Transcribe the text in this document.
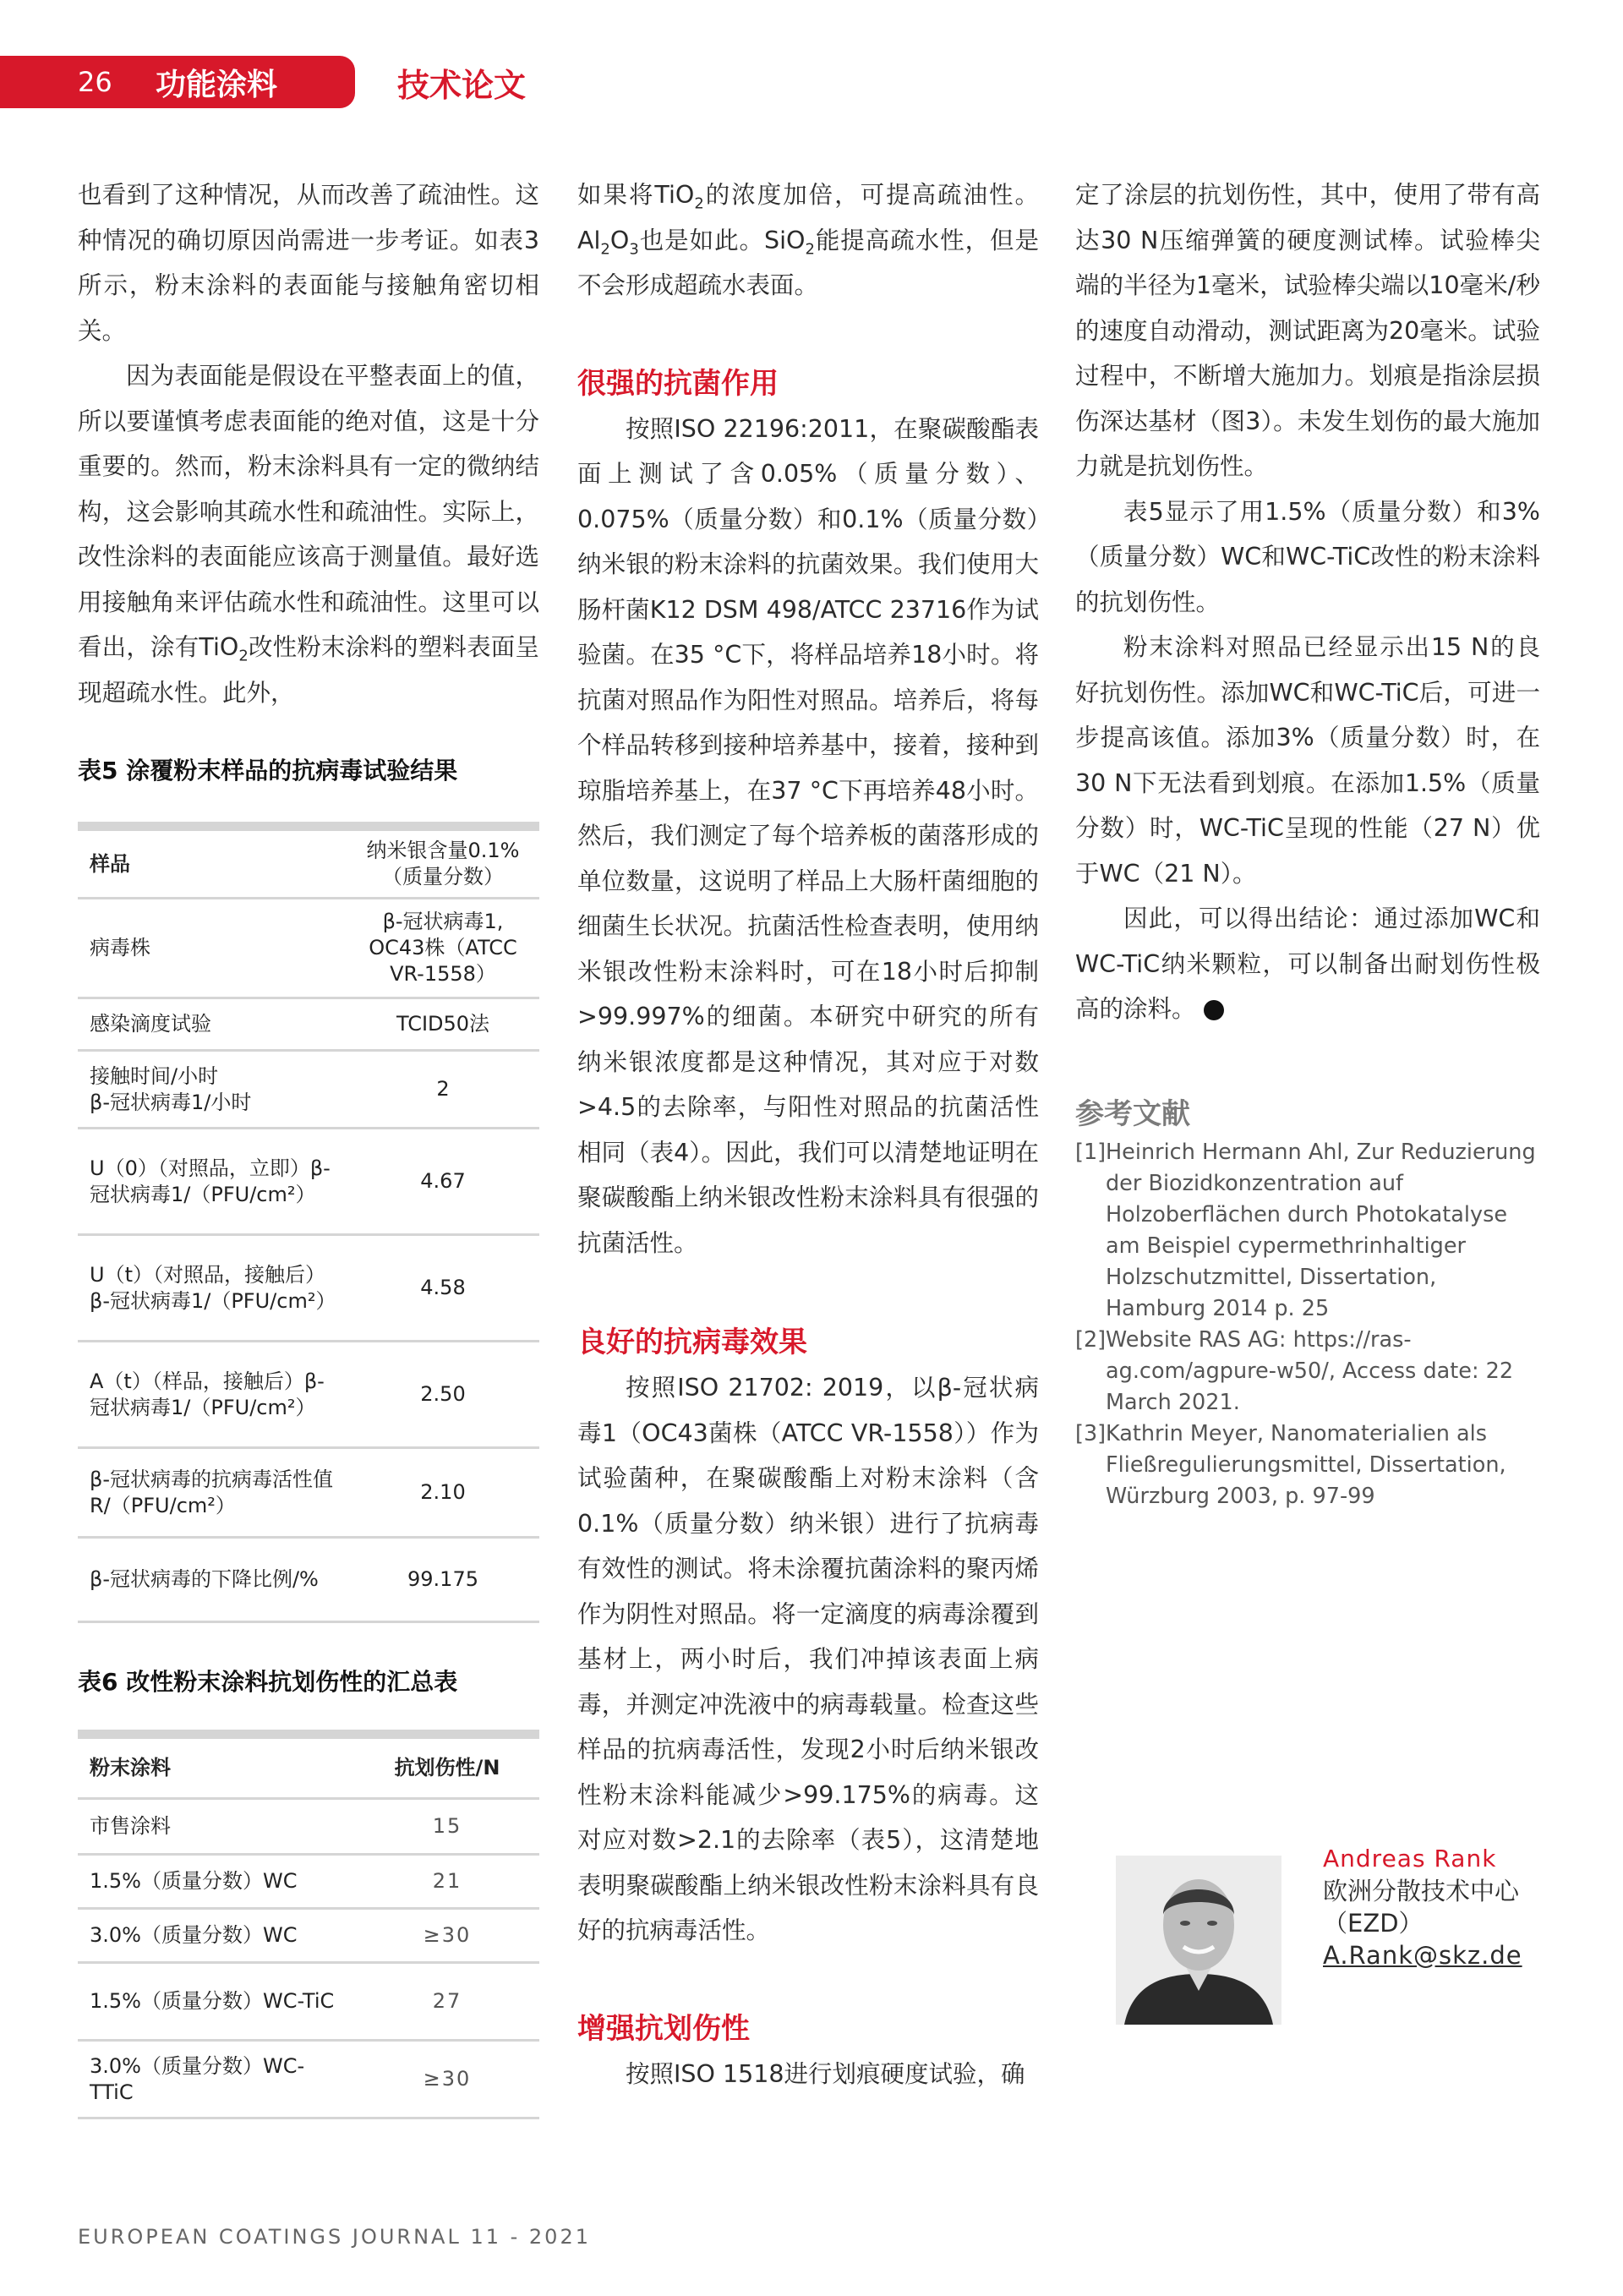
26	功能涂料	技术论文

也看到了这种情况，从而改善了疏油性。这种情况的确切原因尚需进一步考证。如表3所示，粉末涂料的表面能与接触角密切相关。

因为表面能是假设在平整表面上的值，所以要谨慎考虑表面能的绝对值，这是十分重要的。然而，粉末涂料具有一定的微纳结构，这会影响其疏水性和疏油性。实际上，改性涂料的表面能应该高于测量值。最好选用接触角来评估疏水性和疏油性。这里可以看出，涂有TiO$_2$改性粉末涂料的塑料表面呈现超疏水性。此外，

表5 涂覆粉末样品的抗病毒试验结果

样品	纳米银含量0.1%（质量分数）
病毒株	β-冠状病毒1, OC43株（ATCC VR-1558）
感染滴度试验	TCID50法
接触时间/小时
β-冠状病毒1/小时	2
U（0）（对照品，立即）β-冠状病毒1/（PFU/cm²）	4.67
U（t）（对照品，接触后）β-冠状病毒1/（PFU/cm²）	4.58
A（t）（样品，接触后）β-冠状病毒1/（PFU/cm²）	2.50
β-冠状病毒的抗病毒活性值R/（PFU/cm²）	2.10
β-冠状病毒的下降比例/%	99.175

表6 改性粉末涂料抗划伤性的汇总表

粉末涂料	抗划伤性/N
市售涂料	15
1.5%（质量分数）WC	21
3.0%（质量分数）WC	≥30
1.5%（质量分数）WC-TiC	27
3.0%（质量分数）WC-TTiC	≥30

如果将TiO$_2$的浓度加倍，可提高疏油性。$Al_2O_3$也是如此。SiO$_2$能提高疏水性，但是不会形成超疏水表面。

很强的抗菌作用

按照ISO 22196:2011，在聚碳酸酯表面上测试了含0.05%（质量分数）、0.075%（质量分数）和0.1%（质量分数）纳米银的粉末涂料的抗菌效果。我们使用大肠杆菌K12 DSM 498/ATCC 23716作为试验菌。在35 °C下，将样品培养18小时。将抗菌对照品作为阳性对照品。培养后，将每个样品转移到接种培养基中，接着，接种到琼脂培养基上，在37 °C下再培养48小时。然后，我们测定了每个培养板的菌落形成的单位数量，这说明了样品上大肠杆菌细胞的细菌生长状况。抗菌活性检查表明，使用纳米银改性粉末涂料时，可在18小时后抑制>99.997%的细菌。本研究中研究的所有纳米银浓度都是这种情况，其对应于对数>4.5的去除率，与阳性对照品的抗菌活性相同（表4）。因此，我们可以清楚地证明在聚碳酸酯上纳米银改性粉末涂料具有很强的抗菌活性。

良好的抗病毒效果

按照ISO 21702: 2019，以β-冠状病毒1（OC43菌株（ATCC VR-1558））作为试验菌种，在聚碳酸酯上对粉末涂料（含0.1%（质量分数）纳米银）进行了抗病毒有效性的测试。将未涂覆抗菌涂料的聚丙烯作为阴性对照品。将一定滴度的病毒涂覆到基材上，两小时后，我们冲掉该表面上病毒，并测定冲洗液中的病毒载量。检查这些样品的抗病毒活性，发现2小时后纳米银改性粉末涂料能减少>99.175%的病毒。这对应对数>2.1的去除率（表5），这清楚地表明聚碳酸酯上纳米银改性粉末涂料具有良好的抗病毒活性。

增强抗划伤性

按照ISO 1518进行划痕硬度试验，确

定了涂层的抗划伤性，其中，使用了带有高达30 N压缩弹簧的硬度测试棒。试验棒尖端的半径为1毫米，试验棒尖端以10毫米/秒的速度自动滑动，测试距离为20毫米。试验过程中，不断增大施加力。划痕是指涂层损伤深达基材（图3）。未发生划伤的最大施加力就是抗划伤性。

表5显示了用1.5%（质量分数）和3%（质量分数）WC和WC-TiC改性的粉末涂料的抗划伤性。

粉末涂料对照品已经显示出15 N的良好抗划伤性。添加WC和WC-TiC后，可进一步提高该值。添加3%（质量分数）时，在30 N下无法看到划痕。在添加1.5%（质量分数）时，WC-TiC呈现的性能（27 N）优于WC（21 N）。

因此，可以得出结论：通过添加WC和WC-TiC纳米颗粒，可以制备出耐划伤性极高的涂料。	‹

参考文献
[1] Heinrich Hermann Ahl, Zur Reduzierung der Biozidkonzentration auf Holzoberflächen durch Photokatalyse am Beispiel cypermethrinhaltiger Holzschutzmittel, Dissertation, Hamburg 2014 p. 25
[2] Website RAS AG: https://ras-ag.com/agpure-w50/, Access date: 22 March 2021.
[3] Kathrin Meyer, Nanomaterialien als Fließregulierungsmittel, Dissertation, Würzburg 2003, p. 97-99
Andreas Rank
欧洲分散技术中心
（EZD）
A.Rank@skz.de
EUROPEAN COATINGS JOURNAL 11 - 2021
